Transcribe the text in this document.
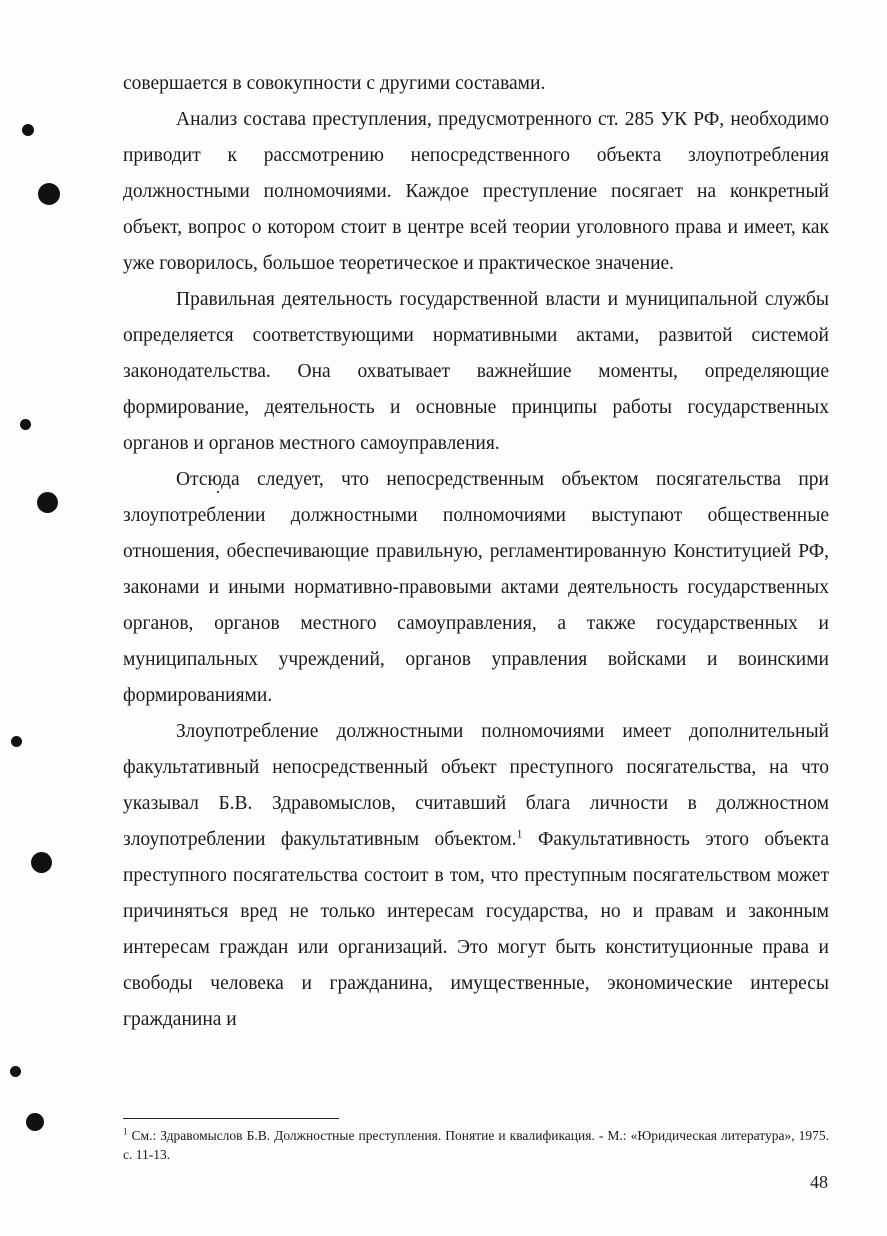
совершается в совокупности с другими составами.

Анализ состава преступления, предусмотренного ст. 285 УК РФ, необходимо приводит к рассмотрению непосредственного объекта злоупотребления должностными полномочиями. Каждое преступление посягает на конкретный объект, вопрос о котором стоит в центре всей теории уголовного права и имеет, как уже говорилось, большое теоретическое и практическое значение.

Правильная деятельность государственной власти и муниципальной службы определяется соответствующими нормативными актами, развитой системой законодательства. Она охватывает важнейшие моменты, определяющие формирование, деятельность и основные принципы работы государственных органов и органов местного самоуправления.

Отсюда следует, что непосредственным объектом посягательства при злоупотреблении должностными полномочиями выступают общественные отношения, обеспечивающие правильную, регламентированную Конституцией РФ, законами и иными нормативно-правовыми актами деятельность государственных органов, органов местного самоуправления, а также государственных и муниципальных учреждений, органов управления войсками и воинскими формированиями.

Злоупотребление должностными полномочиями имеет дополнительный факультативный непосредственный объект преступного посягательства, на что указывал Б.В. Здравомыслов, считавший блага личности в должностном злоупотреблении факультативным объектом.$^1$ Факультативность этого объекта преступного посягательства состоит в том, что преступным посягательством может причиняться вред не только интересам государства, но и правам и законным интересам граждан или организаций. Это могут быть конституционные права и свободы человека и гражданина, имущественные, экономические интересы гражданина и

$^1$ См.: Здравомыслов Б.В. Должностные преступления. Понятие и квалификация. - М.: «Юридическая литература», 1975. с. 11-13.
48
